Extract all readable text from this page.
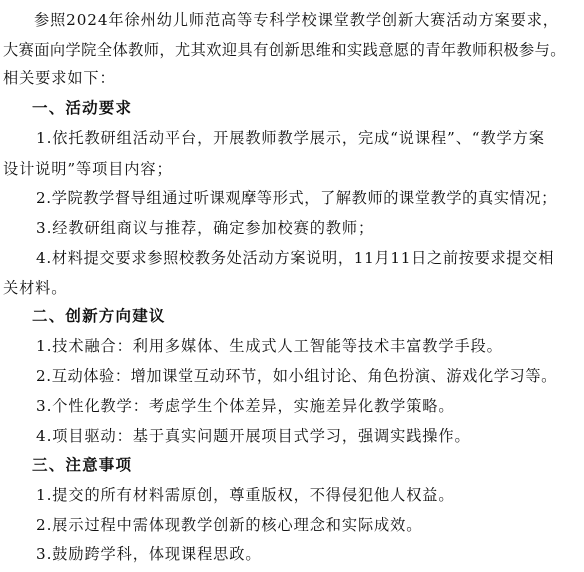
参照2024年徐州幼儿师范高等专科学校课堂教学创新大赛活动方案要求，
大赛面向学院全体教师，尤其欢迎具有创新思维和实践意愿的青年教师积极参与。
相关要求如下：
一、活动要求
1.依托教研组活动平台，开展教师教学展示，完成“说课程”、“教学方案
设计说明”等项目内容；
2.学院教学督导组通过听课观摩等形式，了解教师的课堂教学的真实情况；
3.经教研组商议与推荐，确定参加校赛的教师；
4.材料提交要求参照校教务处活动方案说明，11月11日之前按要求提交相
关材料。
二、创新方向建议
1.技术融合：利用多媒体、生成式人工智能等技术丰富教学手段。
2.互动体验：增加课堂互动环节，如小组讨论、角色扮演、游戏化学习等。
3.个性化教学：考虑学生个体差异，实施差异化教学策略。
4.项目驱动：基于真实问题开展项目式学习，强调实践操作。
三、注意事项
1.提交的所有材料需原创，尊重版权，不得侵犯他人权益。
2.展示过程中需体现教学创新的核心理念和实际成效。
3.鼓励跨学科，体现课程思政。
